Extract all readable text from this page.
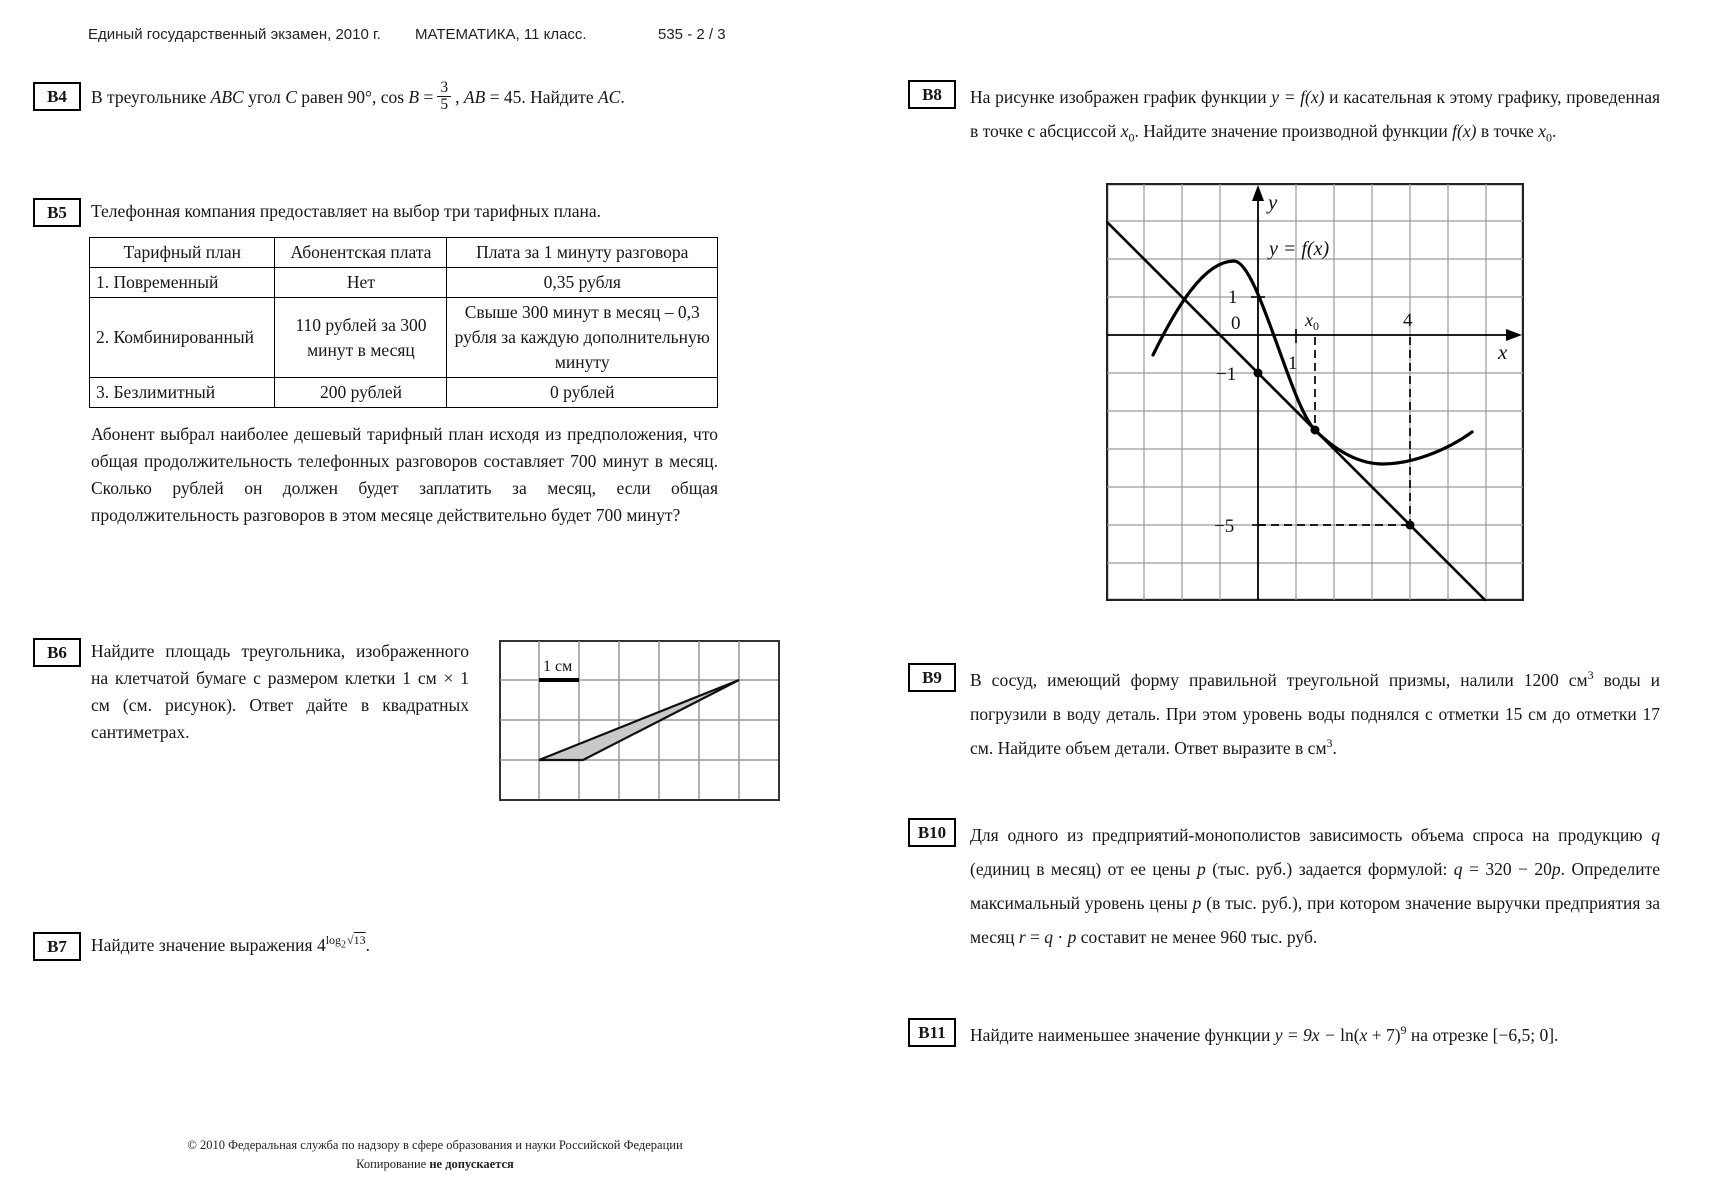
Единый государственный экзамен, 2010 г. МАТЕМАТИКА, 11 класс.	535 - 2 / 3
В4	В треугольнике ABC угол C равен 90°, $\cos B = \frac{3}{5}$ , AB = 45. Найдите AC.
В5	Телефонная компания предоставляет на выбор три тарифных плана.
Тарифный план	Абонентская плата	Плата за 1 минуту разговора
1. Повременный	Нет	0,35 рубля
2. Комбинированный	110 рублей за 300 минут в месяц	Свыше 300 минут в месяц – 0,3 рубля за каждую дополнительную минуту
3. Безлимитный	200 рублей	0 рублей
Абонент выбрал наиболее дешевый тарифный план исходя из предположения, что общая продолжительность телефонных разговоров составляет 700 минут в месяц. Сколько рублей он должен будет заплатить за месяц, если общая продолжительность разговоров в этом месяце действительно будет 700 минут?
В6	Найдите площадь треугольника, изображенного на клетчатой бумаге с размером клетки 1 см × 1 см (см. рисунок). Ответ дайте в квадратных сантиметрах.
1 см
В7	Найдите значение выражения $4^{log_2 √13}$.
В8	На рисунке изображен график функции y = f(x) и касательная к этому графику, проведенная в точке с абсциссой $x_0$. Найдите значение производной функции f(x) в точке $x_0$.
y
x
y = f(x)
1
0
1
$x_0$	4
−1
−5
В9	В сосуд, имеющий форму правильной треугольной призмы, налили 1200 $см^3$ воды и погрузили в воду деталь. При этом уровень воды поднялся с отметки 15 см до отметки 17 см. Найдите объем детали. Ответ выразите в $см^3$.
В10	Для одного из предприятий-монополистов зависимость объема спроса на продукцию q (единиц в месяц) от ее цены p (тыс. руб.) задается формулой: q = 320 − 20p. Определите максимальный уровень цены p (в тыс. руб.), при котором значение выручки предприятия за месяц r = q · p составит не менее 960 тыс. руб.
В11	Найдите наименьшее значение функции $y = 9x - \ln(x + 7)^9$ на отрезке [−6,5; 0].
© 2010 Федеральная служба по надзору в сфере образования и науки Российской Федерации
Копирование не допускается
